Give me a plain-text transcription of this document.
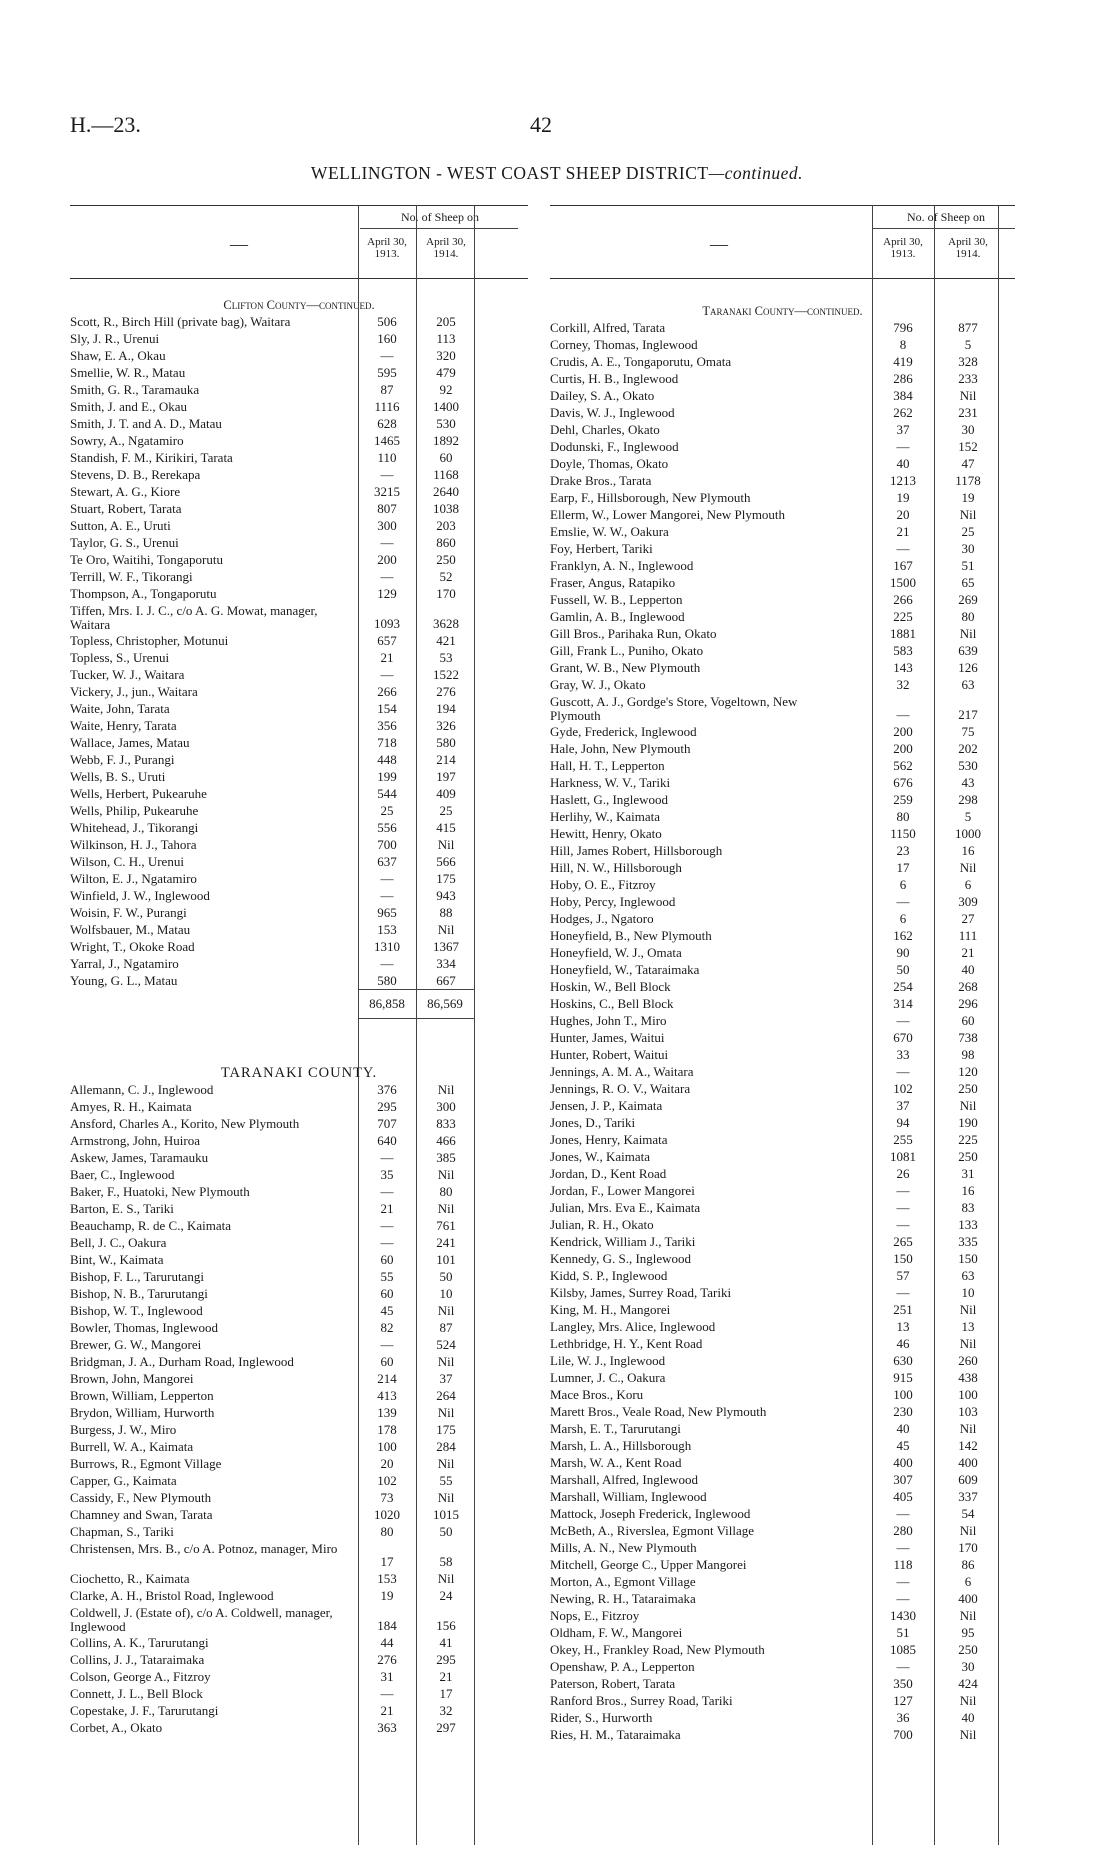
H.—23.	42
WELLINGTON - WEST COAST SHEEP DISTRICT—continued.
—
No. of Sheep on
April 30, 1913.
April 30, 1914.
Clifton County—continued.
Scott, R., Birch Hill (private bag), Waitara	506	205
Sly, J. R., Urenui	160	113
Shaw, E. A., Okau	—	320
Smellie, W. R., Matau	595	479
Smith, G. R., Taramauka	87	92
Smith, J. and E., Okau	1116	1400
Smith, J. T. and A. D., Matau	628	530
Sowry, A., Ngatamiro	1465	1892
Standish, F. M., Kirikiri, Tarata	110	60
Stevens, D. B., Rerekapa	—	1168
Stewart, A. G., Kiore	3215	2640
Stuart, Robert, Tarata	807	1038
Sutton, A. E., Uruti	300	203
Taylor, G. S., Urenui	—	860
Te Oro, Waitihi, Tongaporutu	200	250
Terrill, W. F., Tikorangi	—	52
Thompson, A., Tongaporutu	129	170
Tiffen, Mrs. I. J. C., c/o A. G. Mowat, manager, Waitara	1093	3628
Topless, Christopher, Motunui	657	421
Topless, S., Urenui	21	53
Tucker, W. J., Waitara	—	1522
Vickery, J., jun., Waitara	266	276
Waite, John, Tarata	154	194
Waite, Henry, Tarata	356	326
Wallace, James, Matau	718	580
Webb, F. J., Purangi	448	214
Wells, B. S., Uruti	199	197
Wells, Herbert, Pukearuhe	544	409
Wells, Philip, Pukearuhe	25	25
Whitehead, J., Tikorangi	556	415
Wilkinson, H. J., Tahora	700	Nil
Wilson, C. H., Urenui	637	566
Wilton, E. J., Ngatamiro	—	175
Winfield, J. W., Inglewood	—	943
Woisin, F. W., Purangi	965	88
Wolfsbauer, M., Matau	153	Nil
Wright, T., Okoke Road	1310	1367
Yarral, J., Ngatamiro	—	334
Young, G. L., Matau	580	667
86,858	86,569
TARANAKI COUNTY.
Allemann, C. J., Inglewood	376	Nil
Amyes, R. H., Kaimata	295	300
Ansford, Charles A., Korito, New Plymouth	707	833
Armstrong, John, Huiroa	640	466
Askew, James, Taramauku	—	385
Baer, C., Inglewood	35	Nil
Baker, F., Huatoki, New Plymouth	—	80
Barton, E. S., Tariki	21	Nil
Beauchamp, R. de C., Kaimata	—	761
Bell, J. C., Oakura	—	241
Bint, W., Kaimata	60	101
Bishop, F. L., Tarurutangi	55	50
Bishop, N. B., Tarurutangi	60	10
Bishop, W. T., Inglewood	45	Nil
Bowler, Thomas, Inglewood	82	87
Brewer, G. W., Mangorei	—	524
Bridgman, J. A., Durham Road, Inglewood	60	Nil
Brown, John, Mangorei	214	37
Brown, William, Lepperton	413	264
Brydon, William, Hurworth	139	Nil
Burgess, J. W., Miro	178	175
Burrell, W. A., Kaimata	100	284
Burrows, R., Egmont Village	20	Nil
Capper, G., Kaimata	102	55
Cassidy, F., New Plymouth	73	Nil
Chamney and Swan, Tarata	1020	1015
Chapman, S., Tariki	80	50
Christensen, Mrs. B., c/o A. Potnoz, manager, Miro
17	58
Ciochetto, R., Kaimata	153	Nil
Clarke, A. H., Bristol Road, Inglewood	19	24
Coldwell, J. (Estate of), c/o A. Coldwell, manager, Inglewood	184	156
Collins, A. K., Tarurutangi	44	41
Collins, J. J., Tataraimaka	276	295
Colson, George A., Fitzroy	31	21
Connett, J. L., Bell Block	—	17
Copestake, J. F., Tarurutangi	21	32
Corbet, A., Okato	363	297
—
No. of Sheep on
April 30, 1913.
April 30, 1914.
Taranaki County—continued.
Corkill, Alfred, Tarata	796	877
Corney, Thomas, Inglewood	8	5
Crudis, A. E., Tongaporutu, Omata	419	328
Curtis, H. B., Inglewood	286	233
Dailey, S. A., Okato	384	Nil
Davis, W. J., Inglewood	262	231
Dehl, Charles, Okato	37	30
Dodunski, F., Inglewood	—	152
Doyle, Thomas, Okato	40	47
Drake Bros., Tarata	1213	1178
Earp, F., Hillsborough, New Plymouth	19	19
Ellerm, W., Lower Mangorei, New Plymouth	20	Nil
Emslie, W. W., Oakura	21	25
Foy, Herbert, Tariki	—	30
Franklyn, A. N., Inglewood	167	51
Fraser, Angus, Ratapiko	1500	65
Fussell, W. B., Lepperton	266	269
Gamlin, A. B., Inglewood	225	80
Gill Bros., Parihaka Run, Okato	1881	Nil
Gill, Frank L., Puniho, Okato	583	639
Grant, W. B., New Plymouth	143	126
Gray, W. J., Okato	32	63
Guscott, A. J., Gordge's Store, Vogeltown, New Plymouth	—	217
Gyde, Frederick, Inglewood	200	75
Hale, John, New Plymouth	200	202
Hall, H. T., Lepperton	562	530
Harkness, W. V., Tariki	676	43
Haslett, G., Inglewood	259	298
Herlihy, W., Kaimata	80	5
Hewitt, Henry, Okato	1150	1000
Hill, James Robert, Hillsborough	23	16
Hill, N. W., Hillsborough	17	Nil
Hoby, O. E., Fitzroy	6	6
Hoby, Percy, Inglewood	—	309
Hodges, J., Ngatoro	6	27
Honeyfield, B., New Plymouth	162	111
Honeyfield, W. J., Omata	90	21
Honeyfield, W., Tataraimaka	50	40
Hoskin, W., Bell Block	254	268
Hoskins, C., Bell Block	314	296
Hughes, John T., Miro	—	60
Hunter, James, Waitui	670	738
Hunter, Robert, Waitui	33	98
Jennings, A. M. A., Waitara	—	120
Jennings, R. O. V., Waitara	102	250
Jensen, J. P., Kaimata	37	Nil
Jones, D., Tariki	94	190
Jones, Henry, Kaimata	255	225
Jones, W., Kaimata	1081	250
Jordan, D., Kent Road	26	31
Jordan, F., Lower Mangorei	—	16
Julian, Mrs. Eva E., Kaimata	—	83
Julian, R. H., Okato	—	133
Kendrick, William J., Tariki	265	335
Kennedy, G. S., Inglewood	150	150
Kidd, S. P., Inglewood	57	63
Kilsby, James, Surrey Road, Tariki	—	10
King, M. H., Mangorei	251	Nil
Langley, Mrs. Alice, Inglewood	13	13
Lethbridge, H. Y., Kent Road	46	Nil
Lile, W. J., Inglewood	630	260
Lumner, J. C., Oakura	915	438
Mace Bros., Koru	100	100
Marett Bros., Veale Road, New Plymouth	230	103
Marsh, E. T., Tarurutangi	40	Nil
Marsh, L. A., Hillsborough	45	142
Marsh, W. A., Kent Road	400	400
Marshall, Alfred, Inglewood	307	609
Marshall, William, Inglewood	405	337
Mattock, Joseph Frederick, Inglewood	—	54
McBeth, A., Riverslea, Egmont Village	280	Nil
Mills, A. N., New Plymouth	—	170
Mitchell, George C., Upper Mangorei	118	86
Morton, A., Egmont Village	—	6
Newing, R. H., Tataraimaka	—	400
Nops, E., Fitzroy	1430	Nil
Oldham, F. W., Mangorei	51	95
Okey, H., Frankley Road, New Plymouth	1085	250
Openshaw, P. A., Lepperton	—	30
Paterson, Robert, Tarata	350	424
Ranford Bros., Surrey Road, Tariki	127	Nil
Rider, S., Hurworth	36	40
Ries, H. M., Tataraimaka	700	Nil
